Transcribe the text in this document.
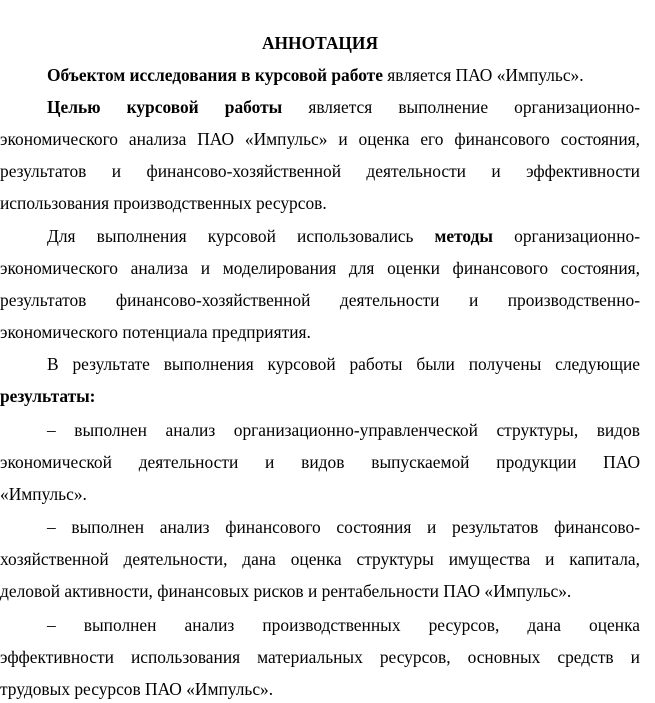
АННОТАЦИЯ
Объектом исследования в курсовой работе является ПАО «Импульс».
Целью курсовой работы является выполнение организационно-
экономического анализа ПАО «Импульс» и оценка его финансового состояния,
результатов и финансово-хозяйственной деятельности и эффективности
использования производственных ресурсов.
Для выполнения курсовой использовались методы организационно-
экономического анализа и моделирования для оценки финансового состояния,
результатов финансово-хозяйственной деятельности и производственно-
экономического потенциала предприятия.
В результате выполнения курсовой работы были получены следующие
результаты:
– выполнен анализ организационно-управленческой структуры, видов
экономической деятельности и видов выпускаемой продукции ПАО
«Импульс».
– выполнен анализ финансового состояния и результатов финансово-
хозяйственной деятельности, дана оценка структуры имущества и капитала,
деловой активности, финансовых рисков и рентабельности ПАО «Импульс».
– выполнен анализ производственных ресурсов, дана оценка
эффективности использования материальных ресурсов, основных средств и
трудовых ресурсов ПАО «Импульс».
